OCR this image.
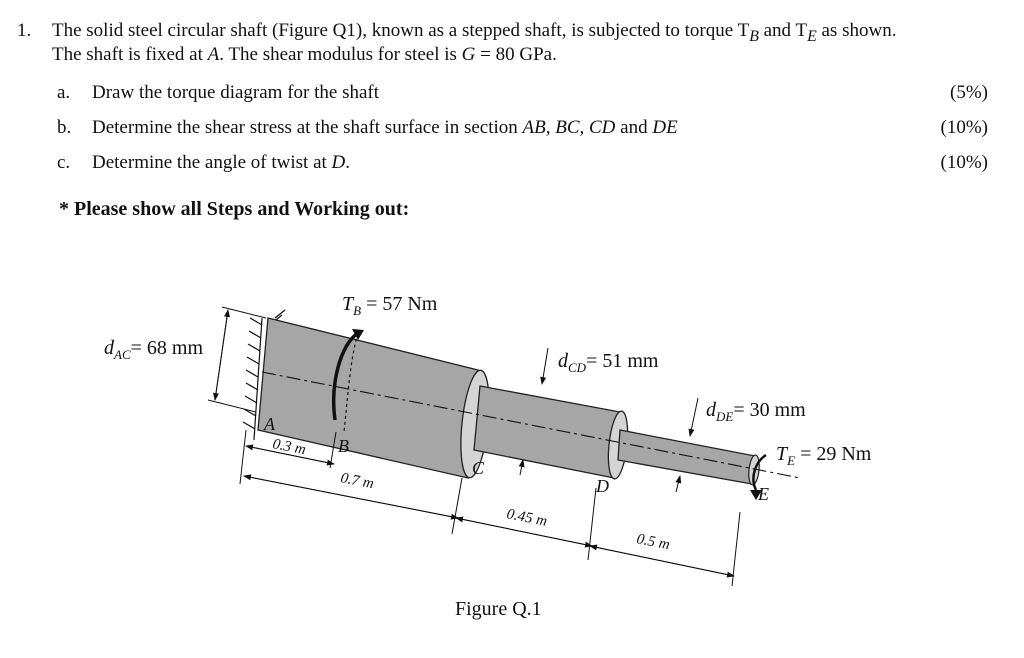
1. The solid steel circular shaft (Figure Q1), known as a stepped shaft, is subjected to torque $T_B$ and $T_E$ as shown.
The shaft is fixed at A. The shear modulus for steel is G = 80 GPa.
a. Draw the torque diagram for the shaft	(5%)
b. Determine the shear stress at the shaft surface in section AB, BC, CD and DE	(10%)
c. Determine the angle of twist at D.	(10%)
* Please show all Steps and Working out:
$T_B = 57$ Nm
$d_{AC}= 68$ mm
$d_{CD}= 51$ mm
$d_{DE}= 30$ mm
$T_E = 29$ Nm
A
B
C
D	E
0.3 m
0.7 m
0.45 m
0.5 m
Figure Q.1
